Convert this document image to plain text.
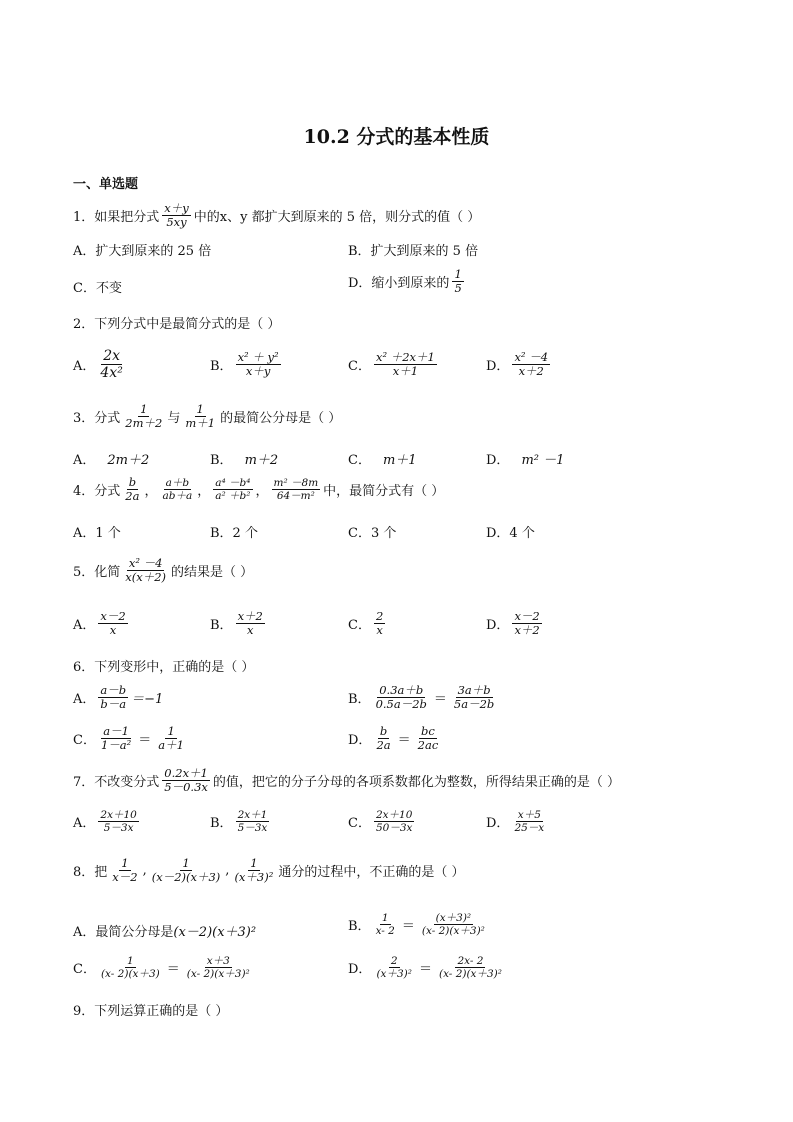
10.2 分式的基本性质
一、单选题
1．如果把分式 $\frac{x+y}{5xy}$ 中的x、y 都扩大到原来的 5 倍，则分式的值（ ）
A．扩大到原来的 25 倍	B．扩大到原来的 5 倍
C．不变	D．缩小到原来的 $\frac{1}{5}$
2．下列分式中是最简分式的是（ ）
A． $\frac{2x}{\text{4x²}}$	B． $\frac{\text{x² ＋ y²}}{x+y}$	C． $\frac{\text{x² ＋2x＋1}}{x+1}$	D． $\frac{\text{x² －4}}{x+2}$
3．分式 $\frac{1}{2m+2}$ 与 $\frac{1}{m+1}$ 的最简公分母是（ ）
A． 2m＋2	B． m＋2	C． m＋1	D． m² －1
4．分式 $\frac{b}{2a}$ ， $\frac{a+b}{ab+a}$ ， $\frac{\text{a⁴ －b⁴}}{\text{a² ＋b²}}$ ， $\frac{\text{m² －8m}}{\text{64－m²}}$ 中，最简分式有（ ）
A．1 个	B．2 个	C．3 个	D．4 个
5．化简 $\frac{\text{x² －4}}{x(x+2)}$ 的结果是（ ）
A． $\frac{x-2}{x}$	B． $\frac{x+2}{x}$	C． $\frac{2}{x}$	D． $\frac{x-2}{x+2}$
6．下列变形中，正确的是（ ）
A． $\frac{a-b}{b-a} =-1$	B． $\frac{0.3a+b}{0.5a-2b} = \frac{3a+b}{5a-2b}$
C． $\frac{a-1}{\text{1－a²}} = \frac{1}{a+1}$	D． $\frac{b}{2a} = \frac{bc}{2ac}$
7．不改变分式 $\frac{0.2x+1}{5-0.3x}$ 的值，把它的分子分母的各项系数都化为整数，所得结果正确的是（ ）
A． $\frac{2x+10}{5-3x}$	B． $\frac{2x+1}{5-3x}$	C． $\frac{2x+10}{50-3x}$	D． $\frac{x+5}{25-x}$
8．把 $\frac{1}{x-2}$ , $\frac{1}{(x-2)(x+3)}$ , $\frac{1}{\text{(x＋3)²}}$ 通分的过程中，不正确的是（ ）
A．最简公分母是 (x－2)(x＋3)²	B． $\frac{1}{x- 2} = \frac{\text{(x＋3)²}}{\text{(x- 2)(x＋3)²}}$
C． $\frac{1}{(x- 2)(x+3)} = \frac{x+3}{\text{(x- 2)(x＋3)²}}$	D． $\frac{2}{\text{(x＋3)²}} = \frac{2x- 2}{\text{(x- 2)(x＋3)²}}$
9．下列运算正确的是（ ）
